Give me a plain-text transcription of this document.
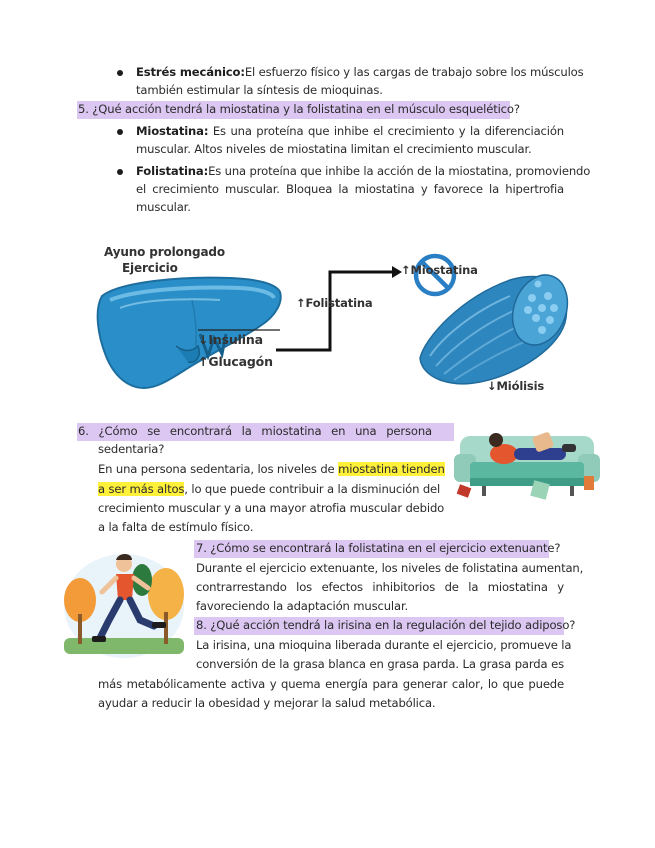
Estrés mecánico:El esfuerzo físico y las cargas de trabajo sobre los músculos
también estimular la síntesis de mioquinas.
5. ¿Qué acción tendrá la miostatina y la folistatina en el músculo esquelético?
Miostatina: Es una proteína que inhibe el crecimiento y la diferenciación
muscular. Altos niveles de miostatina limitan el crecimiento muscular.
Folistatina:Es una proteína que inhibe la acción de la miostatina, promoviendo
el crecimiento muscular. Bloquea la miostatina y favorece la hipertrofia
muscular.
Ayuno prolongado
Ejercicio
↓Insulina
↑Glucagón
↑Folistatina
↑Miostatina
↓Miólisis
6. ¿Cómo se encontrará la miostatina en una persona
sedentaria?
En una persona sedentaria, los niveles de miostatina tienden
a ser más altos, lo que puede contribuir a la disminución del
crecimiento muscular y a una mayor atrofia muscular debido
a la falta de estímulo físico.
7. ¿Cómo se encontrará la folistatina en el ejercicio extenuante?
Durante el ejercicio extenuante, los niveles de folistatina aumentan,
contrarrestando los efectos inhibitorios de la miostatina y
favoreciendo la adaptación muscular.
8. ¿Qué acción tendrá la irisina en la regulación del tejido adiposo?
La irisina, una mioquina liberada durante el ejercicio, promueve la
conversión de la grasa blanca en grasa parda. La grasa parda es
más metabólicamente activa y quema energía para generar calor, lo que puede
ayudar a reducir la obesidad y mejorar la salud metabólica.
